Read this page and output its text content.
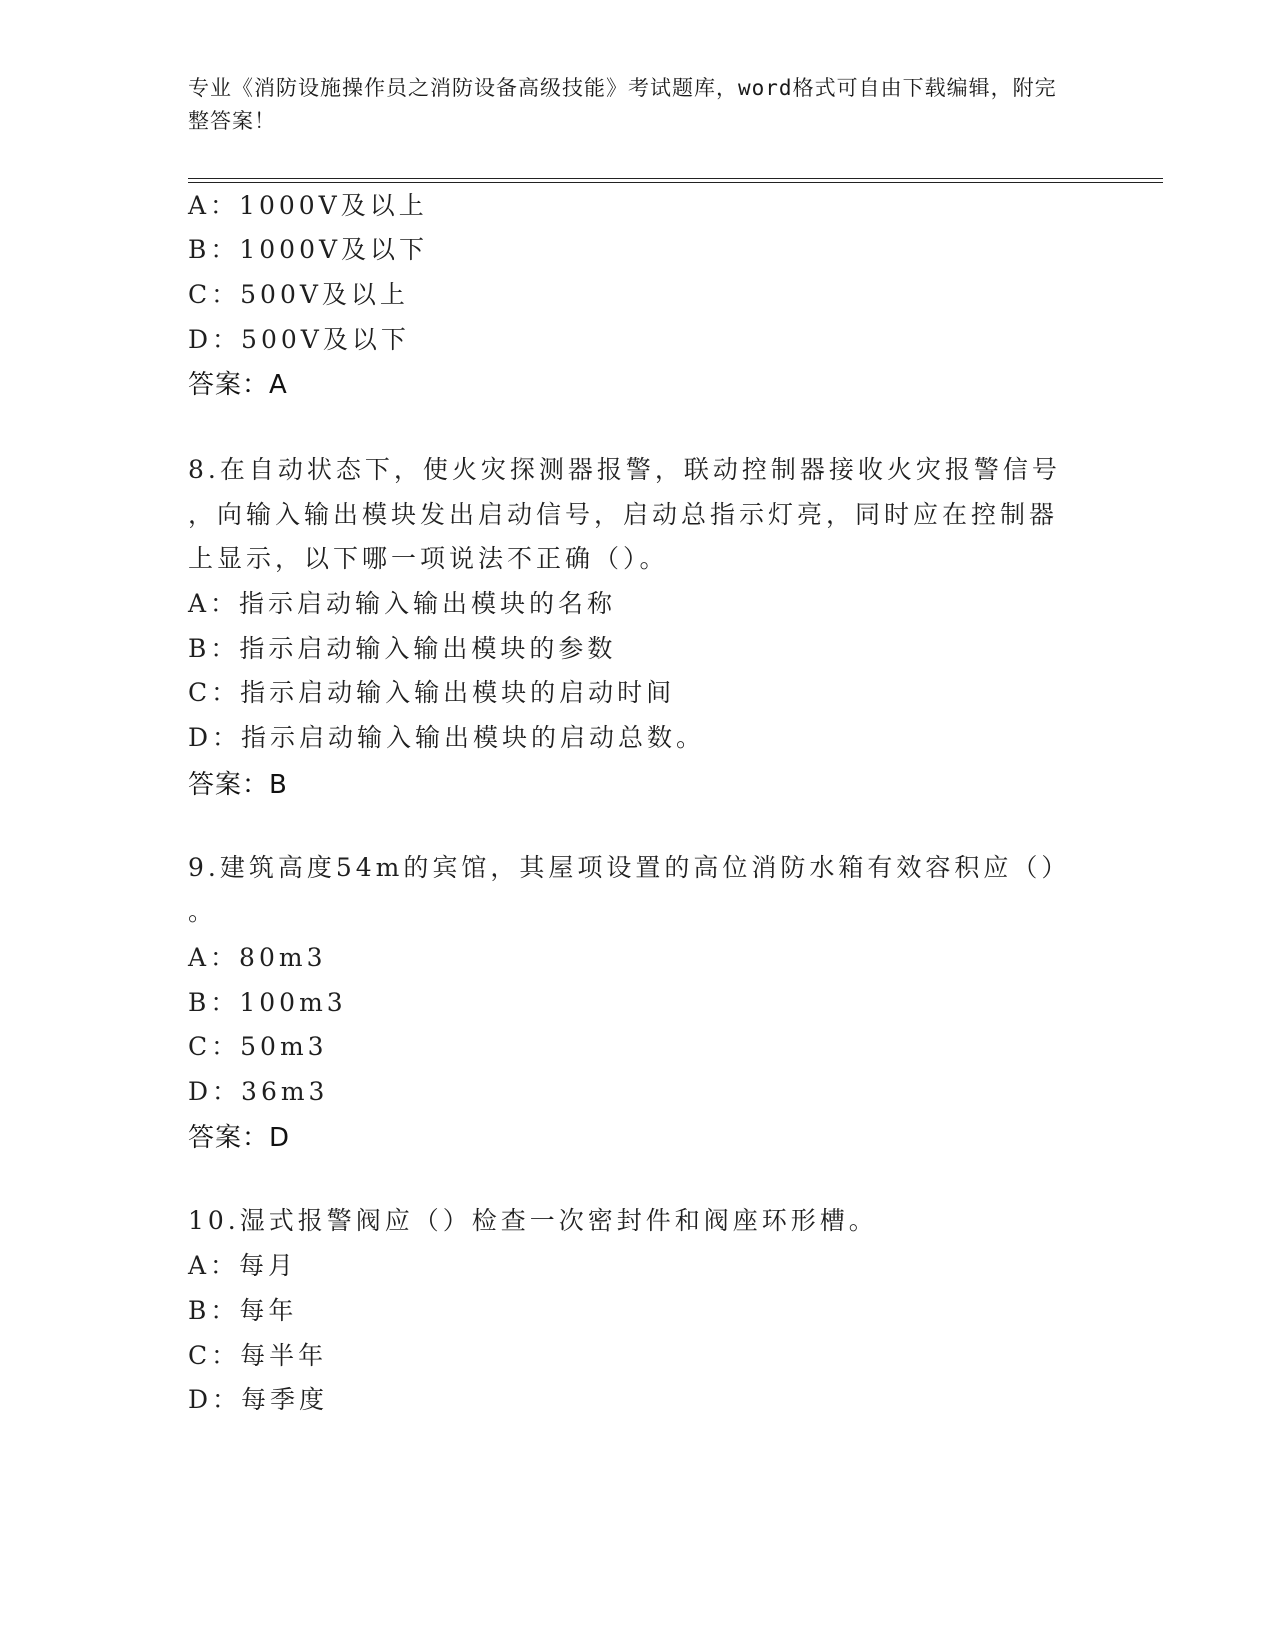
专业《消防设施操作员之消防设备高级技能》考试题库，word格式可自由下载编辑，附完整答案！
A：1000V及以上
B：1000V及以下
C：500V及以上
D：500V及以下
答案：A
8.在自动状态下，使火灾探测器报警，联动控制器接收火灾报警信号
，向输入输出模块发出启动信号，启动总指示灯亮，同时应在控制器
上显示，以下哪一项说法不正确（）。
A：指示启动输入输出模块的名称
B：指示启动输入输出模块的参数
C：指示启动输入输出模块的启动时间
D：指示启动输入输出模块的启动总数。
答案：B
9.建筑高度54m的宾馆，其屋项设置的高位消防水箱有效容积应（）
。
A：80m3
B：100m3
C：50m3
D：36m3
答案：D
10.湿式报警阀应（）检查一次密封件和阀座环形槽。
A：每月
B：每年
C：每半年
D：每季度
